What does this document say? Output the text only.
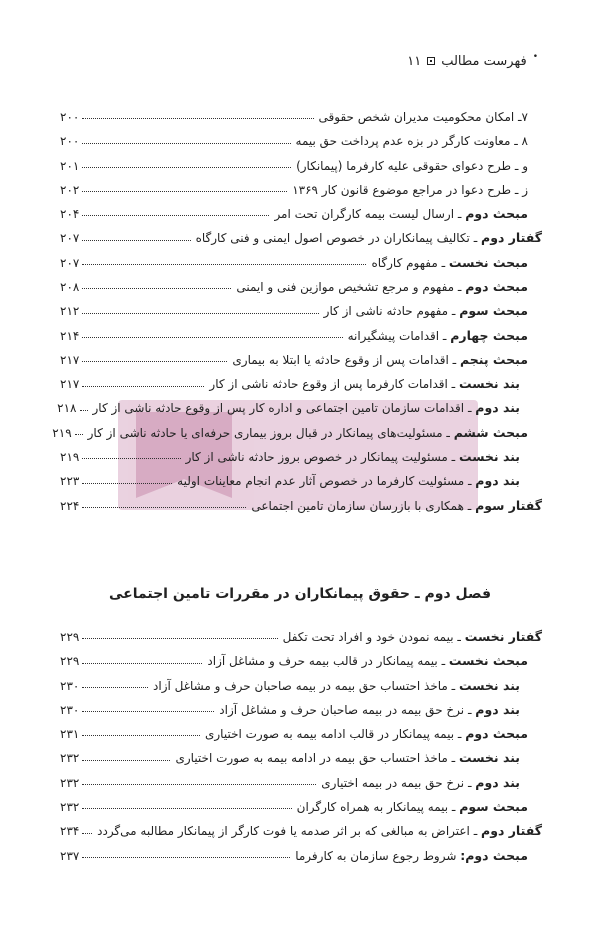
•
فهرست مطالب
۱۱
۷ـ امکان محکومیت مدیران شخص حقوقی
۲۰۰
۸ ـ معاونت کارگر در بزه عدم پرداخت حق بیمه
۲۰۰
و ـ طرح دعوای حقوقی علیه کارفرما (پیمانکار)
۲۰۱
ز ـ طرح دعوا در مراجع موضوع قانون کار ۱۳۶۹
۲۰۲
مبحث دوم ـ ارسال لیست بیمه کارگران تحت امر
۲۰۴
گفتار دوم ـ تکالیف پیمانکاران در خصوص اصول ایمنی و فنی کارگاه
۲۰۷
مبحث نخست ـ مفهوم کارگاه
۲۰۷
مبحث دوم ـ مفهوم و مرجع تشخیص موازین فنی و ایمنی
۲۰۸
مبحث سوم ـ مفهوم حادثه ناشی از کار
۲۱۲
مبحث چهارم ـ اقدامات پیشگیرانه
۲۱۴
مبحث پنجم ـ اقدامات پس از وقوع حادثه یا ابتلا به بیماری
۲۱۷
بند نخست ـ اقدامات کارفرما پس از وقوع حادثه ناشی از کار
۲۱۷
بند دوم ـ اقدامات سازمان تامین اجتماعی و اداره کار پس از وقوع حادثه ناشی از کار
۲۱۸
مبحث ششم ـ مسئولیت‌های پیمانکار در قبال بروز بیماری حرفه‌ای یا حادثه ناشی از کار
۲۱۹
بند نخست ـ مسئولیت پیمانکار در خصوص بروز حادثه ناشی از کار
۲۱۹
بند دوم ـ مسئولیت کارفرما در خصوص آثار عدم انجام معاینات اولیه
۲۲۳
گفتار سوم ـ همکاری با بازرسان سازمان تامین اجتماعی
۲۲۴
فصل دوم ـ حقوق پیمانکاران در مقررات تامین اجتماعی
گفتار نخست ـ بیمه نمودن خود و افراد تحت تکفل
۲۲۹
مبحث نخست ـ بیمه پیمانکار در قالب بیمه حرف و مشاغل آزاد
۲۲۹
بند نخست ـ ماخذ احتساب حق بیمه در بیمه صاحبان حرف و مشاغل آزاد
۲۳۰
بند دوم ـ نرخ حق بیمه در بیمه صاحبان حرف و مشاغل آزاد
۲۳۰
مبحث دوم ـ بیمه پیمانکار در قالب ادامه بیمه به صورت اختیاری
۲۳۱
بند نخست ـ ماخذ احتساب حق بیمه در ادامه بیمه به صورت اختیاری
۲۳۲
بند دوم ـ نرخ حق بیمه در بیمه اختیاری
۲۳۲
مبحث سوم ـ بیمه پیمانکار به همراه کارگران
۲۳۲
گفتار دوم ـ اعتراض به مبالغی که بر اثر صدمه یا فوت کارگر از پیمانکار مطالبه می‌گردد
۲۳۴
مبحث دوم: شروط رجوع سازمان به کارفرما
۲۳۷
